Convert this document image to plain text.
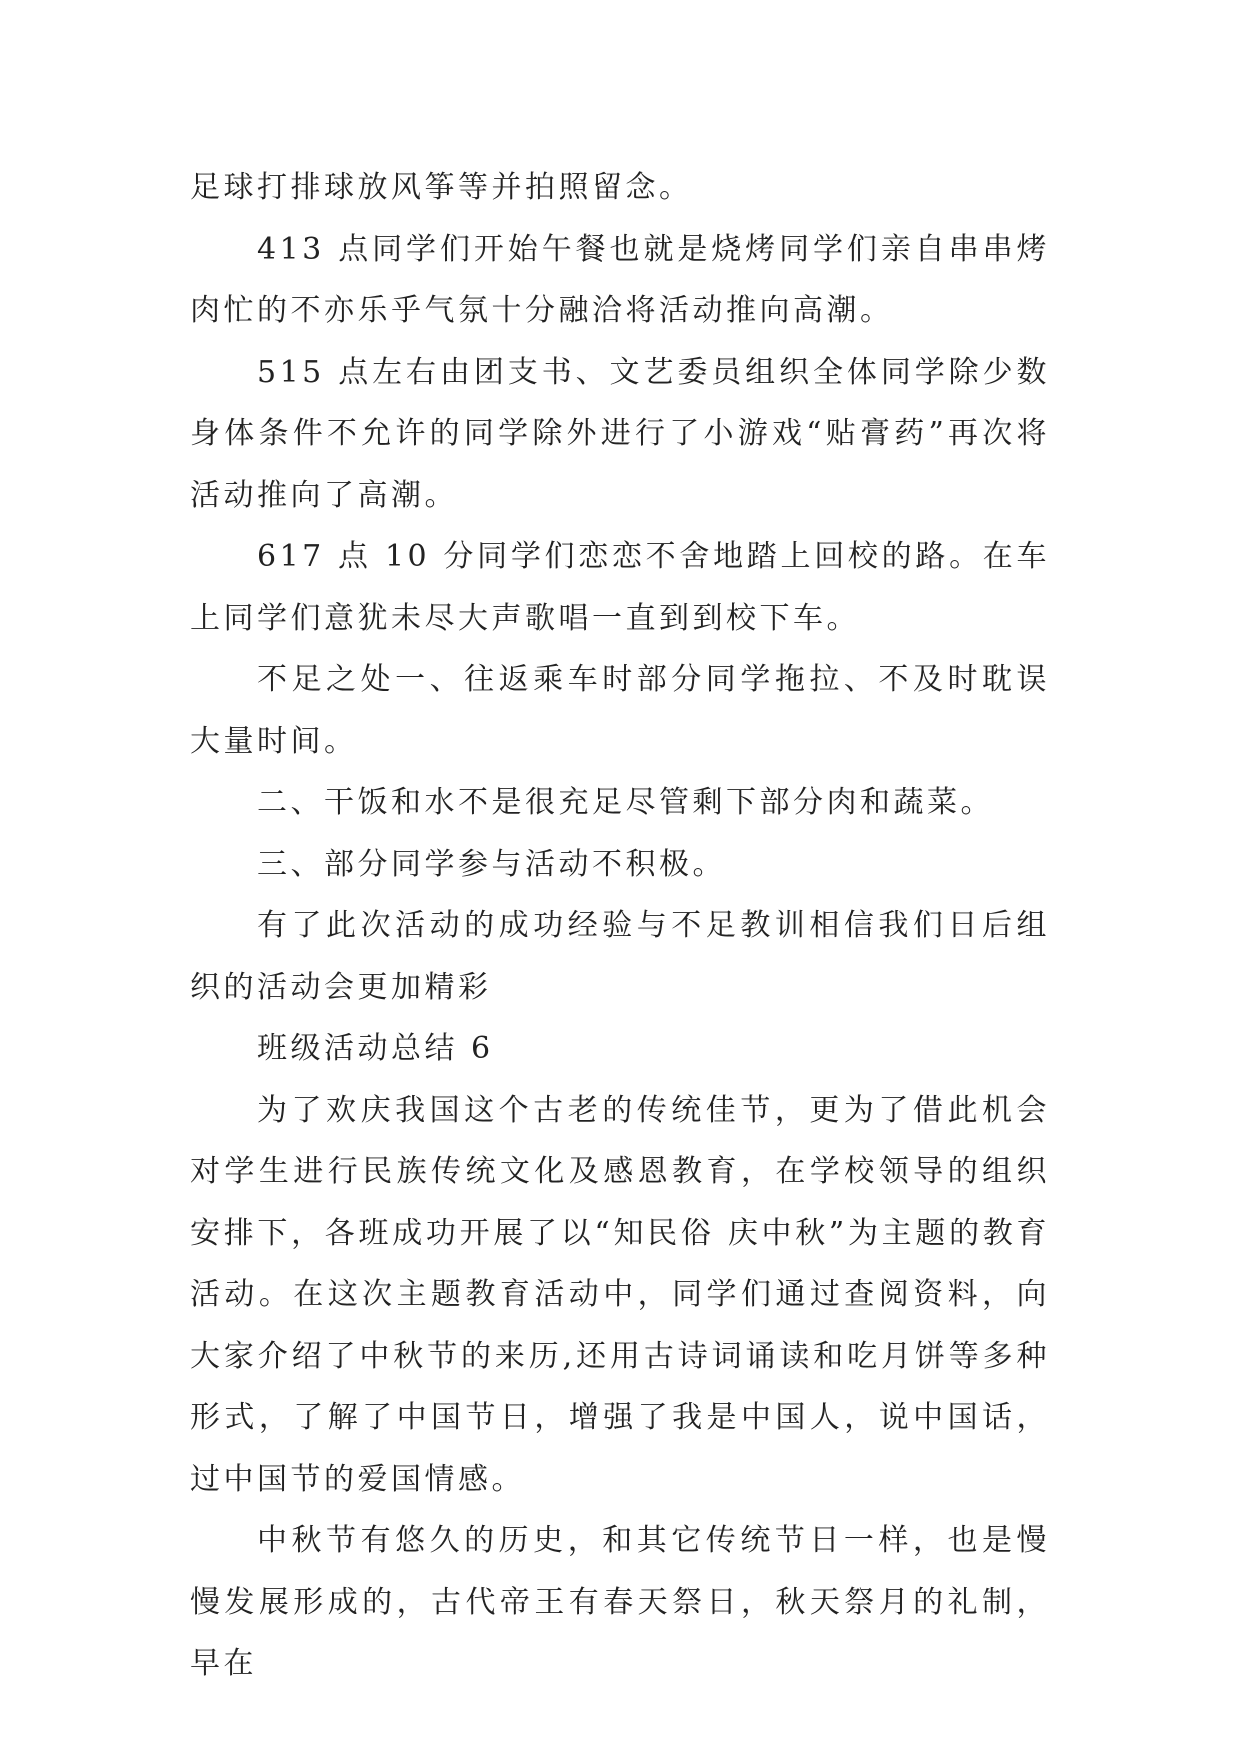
足球打排球放风筝等并拍照留念。

413 点同学们开始午餐也就是烧烤同学们亲自串串烤肉忙的不亦乐乎气氛十分融洽将活动推向高潮。

515 点左右由团支书、文艺委员组织全体同学除少数身体条件不允许的同学除外进行了小游戏“贴膏药”再次将活动推向了高潮。

617 点 10 分同学们恋恋不舍地踏上回校的路。在车上同学们意犹未尽大声歌唱一直到到校下车。

不足之处一、往返乘车时部分同学拖拉、不及时耽误大量时间。

二、干饭和水不是很充足尽管剩下部分肉和蔬菜。

三、部分同学参与活动不积极。

有了此次活动的成功经验与不足教训相信我们日后组织的活动会更加精彩

班级活动总结 6

为了欢庆我国这个古老的传统佳节，更为了借此机会对学生进行民族传统文化及感恩教育，在学校领导的组织安排下，各班成功开展了以“知民俗 庆中秋”为主题的教育活动。在这次主题教育活动中，同学们通过查阅资料，向大家介绍了中秋节的来历,还用古诗词诵读和吃月饼等多种形式，了解了中国节日，增强了我是中国人，说中国话，过中国节的爱国情感。

中秋节有悠久的历史，和其它传统节日一样，也是慢慢发展形成的，古代帝王有春天祭日，秋天祭月的礼制，早在
